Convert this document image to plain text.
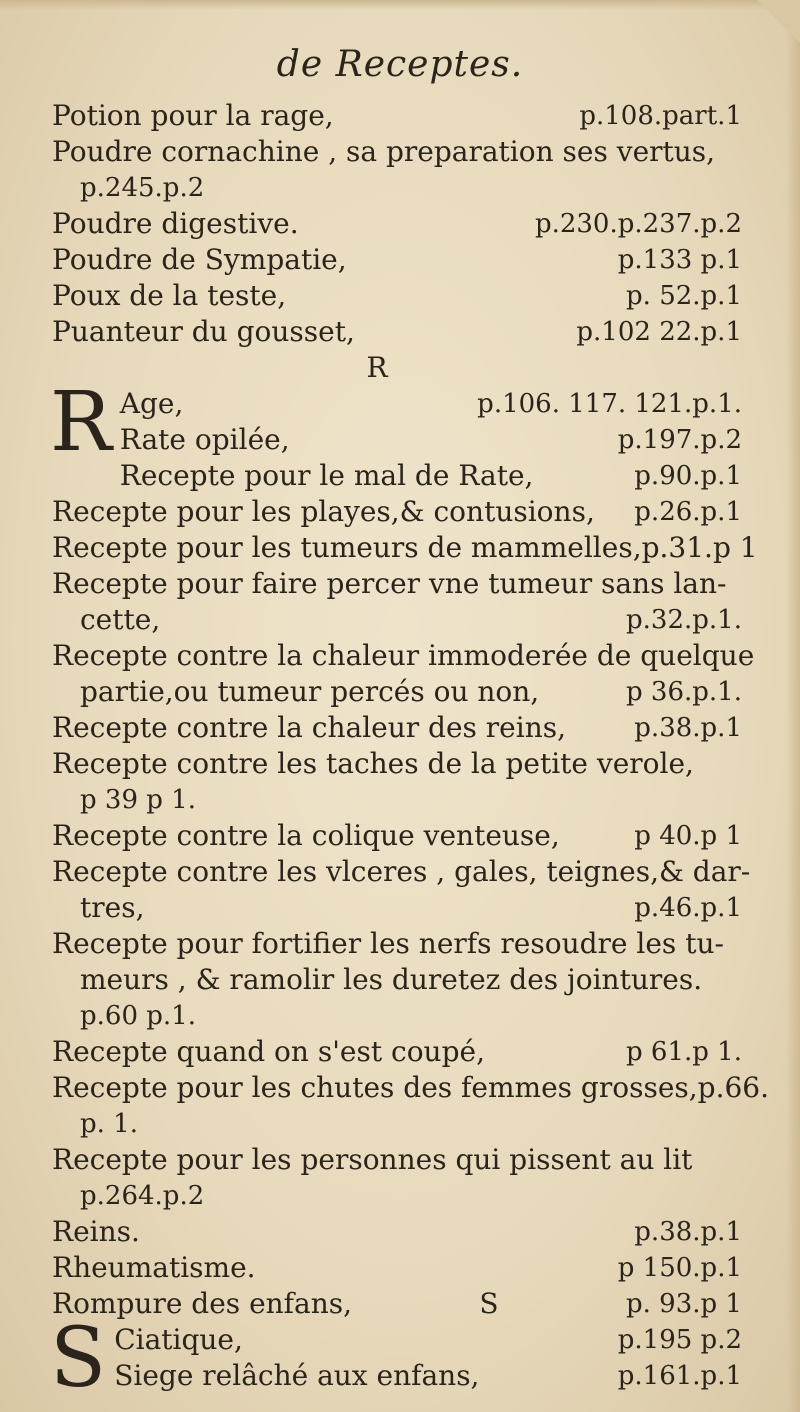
de Receptes.
Potion pour la rage,	p.108.part.1
Poudre cornachine , sa preparation ses vertus,
p.245.p.2
Poudre digestive.	p.230.p.237.p.2
Poudre de Sympatie,	p.133 p.1
Poux de la teste,	p. 52.p.1
Puanteur du gousset,	p.102 22.p.1
R
R Age,	p.106. 117. 121.p.1.
Rate opilée,	p.197.p.2
Recepte pour le mal de Rate,	p.90.p.1
Recepte pour les playes,& contusions, p.26.p.1
Recepte pour les tumeurs de mammelles,p.31.p 1
Recepte pour faire percer vne tumeur sans lan-
cette,	p.32.p.1.
Recepte contre la chaleur immoderée de quelque
partie,ou tumeur percés ou non,	p 36.p.1.
Recepte contre la chaleur des reins,	p.38.p.1
Recepte contre les taches de la petite verole,
p 39 p 1.
Recepte contre la colique venteuse,	p 40.p 1
Recepte contre les vlceres , gales, teignes,& dar-
tres,	p.46.p.1
Recepte pour fortifier les nerfs resoudre les tu-
meurs , & ramolir les duretez des jointures.
p.60 p.1.
Recepte quand on s'est coupé,	p 61.p 1.
Recepte pour les chutes des femmes grosses,p.66.
p. 1.
Recepte pour les personnes qui pissent au lit
p.264.p.2
Reins.	p.38.p.1
Rheumatisme.	p 150.p.1
Rompure des enfans,	S	p. 93.p 1
S Ciatique,	p.195 p.2
Siege relâché aux enfans,	p.161.p.1
